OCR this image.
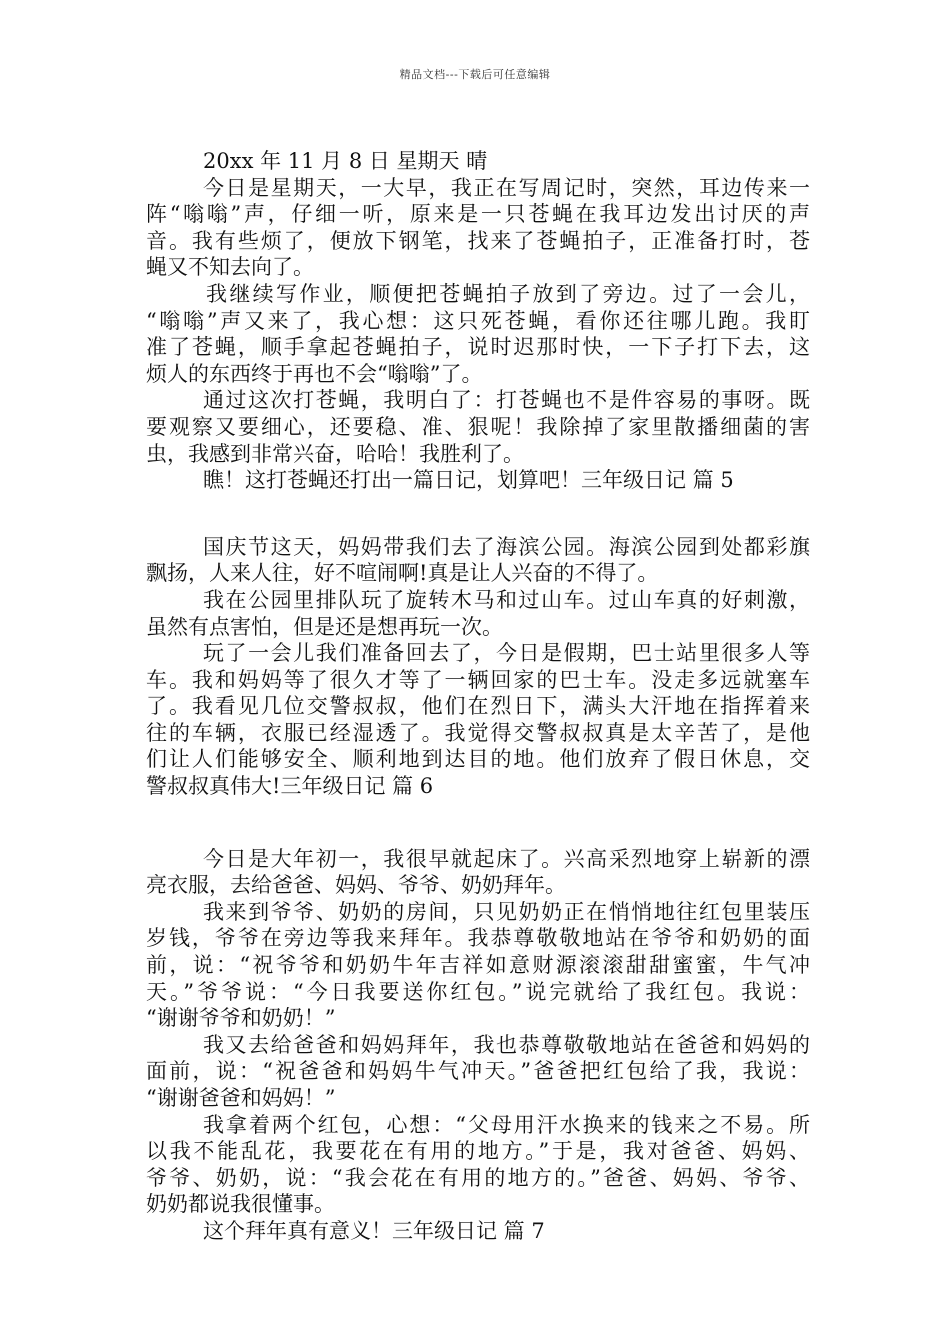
精品文档---下载后可任意编辑
20xx 年 11 月 8 日 星期天 晴
今日是星期天，一大早，我正在写周记时，突然，耳边传来一
阵“嗡嗡”声，仔细一听，原来是一只苍蝇在我耳边发出讨厌的声
音。我有些烦了，便放下钢笔，找来了苍蝇拍子，正准备打时，苍
蝇又不知去向了。
我继续写作业，顺便把苍蝇拍子放到了旁边。过了一会儿，
“嗡嗡”声又来了，我心想：这只死苍蝇，看你还往哪儿跑。我盯
准了苍蝇，顺手拿起苍蝇拍子，说时迟那时快，一下子打下去，这
烦人的东西终于再也不会“嗡嗡”了。
通过这次打苍蝇，我明白了：打苍蝇也不是件容易的事呀。既
要观察又要细心，还要稳、准、狠呢！我除掉了家里散播细菌的害
虫，我感到非常兴奋，哈哈！我胜利了。
瞧！这打苍蝇还打出一篇日记，划算吧！三年级日记 篇 5
国庆节这天，妈妈带我们去了海滨公园。海滨公园到处都彩旗
飘扬，人来人往，好不喧闹啊!真是让人兴奋的不得了。
我在公园里排队玩了旋转木马和过山车。过山车真的好刺激，
虽然有点害怕，但是还是想再玩一次。
玩了一会儿我们准备回去了，今日是假期，巴士站里很多人等
车。我和妈妈等了很久才等了一辆回家的巴士车。没走多远就塞车
了。我看见几位交警叔叔，他们在烈日下，满头大汗地在指挥着来
往的车辆，衣服已经湿透了。我觉得交警叔叔真是太辛苦了，是他
们让人们能够安全、顺利地到达目的地。他们放弃了假日休息，交
警叔叔真伟大!三年级日记 篇 6
今日是大年初一，我很早就起床了。兴高采烈地穿上崭新的漂
亮衣服，去给爸爸、妈妈、爷爷、奶奶拜年。
我来到爷爷、奶奶的房间，只见奶奶正在悄悄地往红包里装压
岁钱，爷爷在旁边等我来拜年。我恭尊敬敬地站在爷爷和奶奶的面
前，说：“祝爷爷和奶奶牛年吉祥如意财源滚滚甜甜蜜蜜，牛气冲
天。”爷爷说：“今日我要送你红包。”说完就给了我红包。我说：
“谢谢爷爷和奶奶！”
我又去给爸爸和妈妈拜年，我也恭尊敬敬地站在爸爸和妈妈的
面前，说：“祝爸爸和妈妈牛气冲天。”爸爸把红包给了我，我说：
“谢谢爸爸和妈妈！”
我拿着两个红包，心想：“父母用汗水换来的钱来之不易。所
以我不能乱花，我要花在有用的地方。”于是，我对爸爸、妈妈、
爷爷、奶奶，说：“我会花在有用的地方的。”爸爸、妈妈、爷爷、
奶奶都说我很懂事。
这个拜年真有意义！三年级日记 篇 7
